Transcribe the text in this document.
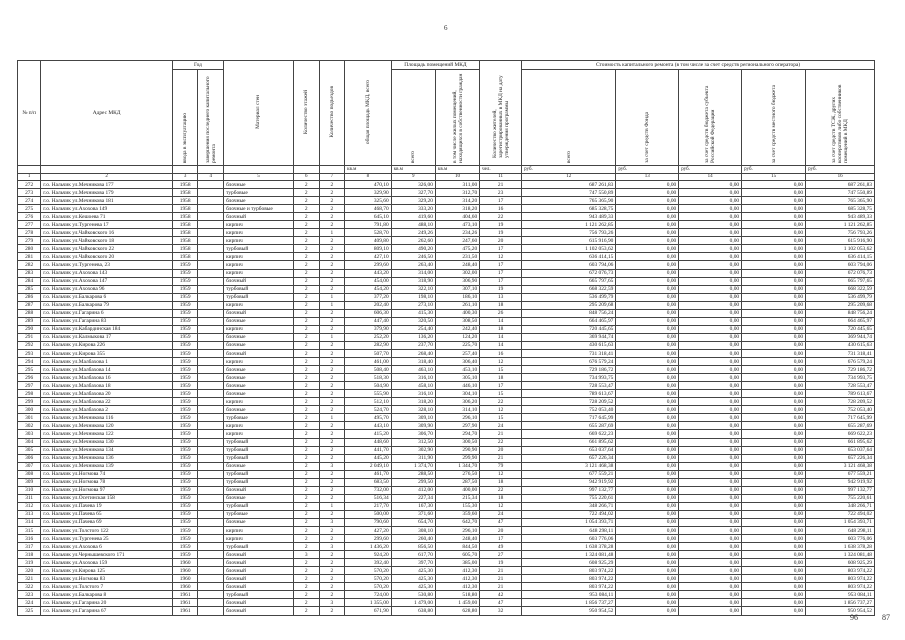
6
№ п/п	Адрес МКД	Год		Материал стен	Количество этажей	Количество подъездов	общая площадь МКД, всего	Площадь помещений МКД		Количество жителей, зарегистрированных в МКД на дату утверждения программы	Стоимость капитального ремонта (в том числе за счет средств регионального оператора)				
		ввода в эксплуатацию	завершения последнего капитального ремонта					всего	в том числе жилых помещений, находящихся в собственности граждан		всего	за счет средств Фонда	за счет средств бюджета субъекта Российской Федерации	за счет средств местного бюджета	за счет средств ТСЖ, других кооперативов либо собственников помещений в МКД
							кв.м	кв.м	кв.м	чел.	руб.	руб.	руб.	руб.	руб.
1	2	3	4	5	6	7	8	9	10	11	12	13	14	15	16
272	г.о. Нальчик ул.Мечникова 177	1958		блочные	2	2	470,10	326,00	311,00	21	687 261,83	0,00	0,00	0,00	687 261,83
273	г.о. Нальчик ул.Мечникова 179	1958		турбовые	2	2	329,90	327,70	312,70	23	747 550,89	0,00	0,00	0,00	747 550,89
274	г.о. Нальчик ул.Мечникова 181	1958		блочные	2	2	325,60	329,20	314,20	17	765 365,90	0,00	0,00	0,00	765 365,90
275	г.о. Нальчик ул.Ахохова 149	1958		блочные и турбовые	2	2	468,70	333,20	318,20	16	685 328,75	0,00	0,00	0,00	685 328,75
276	г.о. Нальчик ул.Кешоева 71	1958		блочный	2	2	645,10	419,60	404,60	22	943 489,33	0,00	0,00	0,00	943 489,33
277	г.о. Нальчик ул.Тургенева 17	1958		кирпич	2	2	791,80	488,10	473,10	19	1 121 262,85	0,00	0,00	0,00	1 121 262,85
278	г.о. Нальчик ул.Чайковского 16	1958		кирпич	2	1	528,70	249,26	234,26	19	756 793,26	0,00	0,00	0,00	756 793,26
279	г.о. Нальчик ул.Чайковского 18	1958		кирпич	2	2	409,80	262,60	247,60	20	615 916,90	0,00	0,00	0,00	615 916,90
280	г.о. Нальчик ул.Чайковского 22	1958		турбовый	2	2	809,10	490,20	475,20	17	1 102 053,62	0,00	0,00	0,00	1 102 053,62
281	г.о. Нальчик ул.Чайковского 20	1958		кирпич	2	2	427,10	246,50	231,50	12	636 414,15	0,00	0,00	0,00	636 414,15
282	г.о. Нальчик ул.Тургенева, 23	1959		кирпич	2	2	299,60	263,40	248,40	17	603 794,06	0,00	0,00	0,00	603 794,06
283	г.о. Нальчик ул.Ахохова 143	1959		кирпич	2	2	443,20	314,00	302,00	17	672 076,73	0,00	0,00	0,00	672 076,73
284	г.о. Нальчик ул.Ахохова 147	1959		блочный	2	2	454,00	318,90	306,90	17	665 797,65	0,00	0,00	0,00	665 797,65
285	г.о. Нальчик ул.Ахохова 96	1959		турбовый	2	2	454,20	322,10	307,10	19	668 322,59	0,00	0,00	0,00	668 322,59
286	г.о. Нальчик ул.Балкарова 6	1959		турбовый	2	1	377,20	198,10	186,10	13	536 499,79	0,00	0,00	0,00	536 499,79
287	г.о. Нальчик ул.Балкарова 79	1959		кирпич	2	1	202,40	273,10	261,10	18	295 209,68	0,00	0,00	0,00	295 209,68
288	г.о. Нальчик ул.Гагарина 6	1959		блочный	2	2	606,30	415,30	400,30	26	848 756,24	0,00	0,00	0,00	848 756,24
289	г.о. Нальчик ул.Гагарина 83	1959		блочные	2	2	447,40	320,50	308,50	14	664 465,97	0,00	0,00	0,00	664 465,97
290	г.о. Нальчик ул.Кабардинская 184	1959		кирпич	2	2	379,90	254,40	242,40	18	720 445,65	0,00	0,00	0,00	720 445,65
291	г.о. Нальчик ул.Калмыкова 17	1959		блочные	2	1	252,20	136,20	124,20	14	369 944,74	0,00	0,00	0,00	369 944,74
292	г.о. Нальчик ул.Кирова 226	1959		блочные	2	2	282,90	237,70	225,70	14	430 615,63	0,00	0,00	0,00	430 615,63
293	г.о. Нальчик ул.Кирова 355	1959		блочный	2	2	507,70	268,40	257,40	16	731 318,41	0,00	0,00	0,00	731 318,41
294	г.о. Нальчик ул.Малбахова 1	1959		кирпич	2	2	461,00	318,40	306,40	12	676 579,24	0,00	0,00	0,00	676 579,24
295	г.о. Нальчик ул.Малбахова 14	1959		блочные	2	2	508,40	463,10	453,10	15	729 186,72	0,00	0,00	0,00	729 186,72
296	г.о. Нальчик ул.Малбахова 16	1959		блочные	2	2	518,30	316,10	305,10	18	734 993,75	0,00	0,00	0,00	734 993,75
297	г.о. Нальчик ул.Малбахова 18	1959		блочные	2	2	504,90	458,10	446,10	17	728 553,47	0,00	0,00	0,00	728 553,47
298	г.о. Нальчик ул.Малбахова 20	1959		блочные	2	2	555,90	316,10	304,10	15	789 613,67	0,00	0,00	0,00	789 613,67
299	г.о. Нальчик ул.Малбахова 22	1959		кирпич	2	2	512,10	318,20	306,20	22	728 209,52	0,00	0,00	0,00	728 209,52
300	г.о. Нальчик ул.Малбахова 2	1959		блочные	2	2	524,70	328,10	314,10	12	752 053,40	0,00	0,00	0,00	752 053,40
301	г.о. Нальчик ул.Мечникова 116	1959		турбовые	2	1	495,70	309,10	296,10	15	717 645,99	0,00	0,00	0,00	717 645,99
302	г.о. Нальчик ул.Мечникова 120	1959		кирпич	2	2	443,10	309,90	297,90	24	655 287,69	0,00	0,00	0,00	655 287,69
303	г.о. Нальчик ул.Мечникова 122	1959		кирпич	2	2	415,20	306,70	294,70	21	669 622,23	0,00	0,00	0,00	669 622,23
304	г.о. Нальчик ул.Мечникова 130	1959		турбовый	2	2	448,60	312,50	300,50	22	661 895,62	0,00	0,00	0,00	661 895,62
305	г.о. Нальчик ул.Мечникова 134	1959		турбовый	2	2	441,70	302,90	290,90	20	653 037,64	0,00	0,00	0,00	653 037,64
306	г.о. Нальчик ул.Мечникова 136	1959		турбовый	2	2	445,20	311,90	299,90	21	657 226,34	0,00	0,00	0,00	657 226,34
307	г.о. Нальчик ул.Мечникова 139	1959		блочные	2	3	2 049,10	1 374,70	1 344,70	79	3 121 468,38	0,00	0,00	0,00	3 121 468,38
308	г.о. Нальчик ул.Ногмова 74	1959		турбовый	2	2	461,70	288,50	276,50	12	677 559,21	0,00	0,00	0,00	677 559,21
309	г.о. Нальчик ул.Ногмова 78	1959		турбовый	2	2	683,50	299,50	287,50	18	942 919,92	0,00	0,00	0,00	942 919,92
310	г.о. Нальчик ул.Ногмова 97	1959		блочный	2	2	732,00	412,00	400,00	22	997 132,77	0,00	0,00	0,00	997 132,77
311	г.о. Нальчик ул.Осетинская 158	1959		блочные	2	2	516,34	227,34	215,34	18	755 220,61	0,00	0,00	0,00	755 220,61
312	г.о. Нальчик ул.Пачева 19	1959		турбовый	2	1	217,70	167,30	155,30	12	348 266,71	0,00	0,00	0,00	348 266,71
313	г.о. Нальчик ул.Пачева 65	1959		турбовые	2	2	500,00	371,60	359,60	24	722 494,02	0,00	0,00	0,00	722 494,02
314	г.о. Нальчик ул.Пачева 69	1959		блочные	2	3	790,60	654,70	642,70	47	1 054 393,71	0,00	0,00	0,00	1 054 393,71
315	г.о. Нальчик ул.Толстого 122	1959		кирпич	2	2	427,20	308,10	296,10	20	648 298,11	0,00	0,00	0,00	648 298,11
316	г.о. Нальчик ул.Тургенева 25	1959		кирпич	2	2	299,60	260,40	248,40	17	603 776,06	0,00	0,00	0,00	603 776,06
317	г.о. Нальчик ул.Ахохова 6	1959		турбовый	2	3	1 436,20	856,50	844,50	49	1 638 378,28	0,00	0,00	0,00	1 638 378,28
318	г.о. Нальчик ул.Чернышевского 171	1959		блочный	3	2	924,20	617,70	605,70	27	1 324 081,48	0,00	0,00	0,00	1 324 081,48
319	г.о. Нальчик ул.Ахохова 159	1960		блочный	2	2	392,40	397,70	385,00	19	608 925,29	0,00	0,00	0,00	608 925,29
320	г.о. Нальчик ул.Кирова 125	1960		блочный	2	2	570,20	425,30	412,30	21	803 974,22	0,00	0,00	0,00	803 974,22
321	г.о. Нальчик ул.Ногмова 83	1960		блочный	2	2	570,20	425,30	412,30	21	803 974,22	0,00	0,00	0,00	803 974,22
322	г.о. Нальчик ул.Толстого 7	1960		блочный	2	2	570,20	425,30	412,30	21	803 974,22	0,00	0,00	0,00	803 974,22
323	г.о. Нальчик ул.Балкарова 8	1961		турбовый	2	2	724,00	530,80	518,80	42	953 084,11	0,00	0,00	0,00	953 084,11
324	г.о. Нальчик ул.Гагарина 20	1961		блочный	2	3	1 355,00	1 479,00	1 459,00	47	1 856 737,27	0,00	0,00	0,00	1 856 737,27
325	г.о. Нальчик ул.Гагарина 67	1961		блочный	2	2	671,90	638,80	628,80	32	950 954,52	0,00	0,00	0,00	950 954,52
96	87
